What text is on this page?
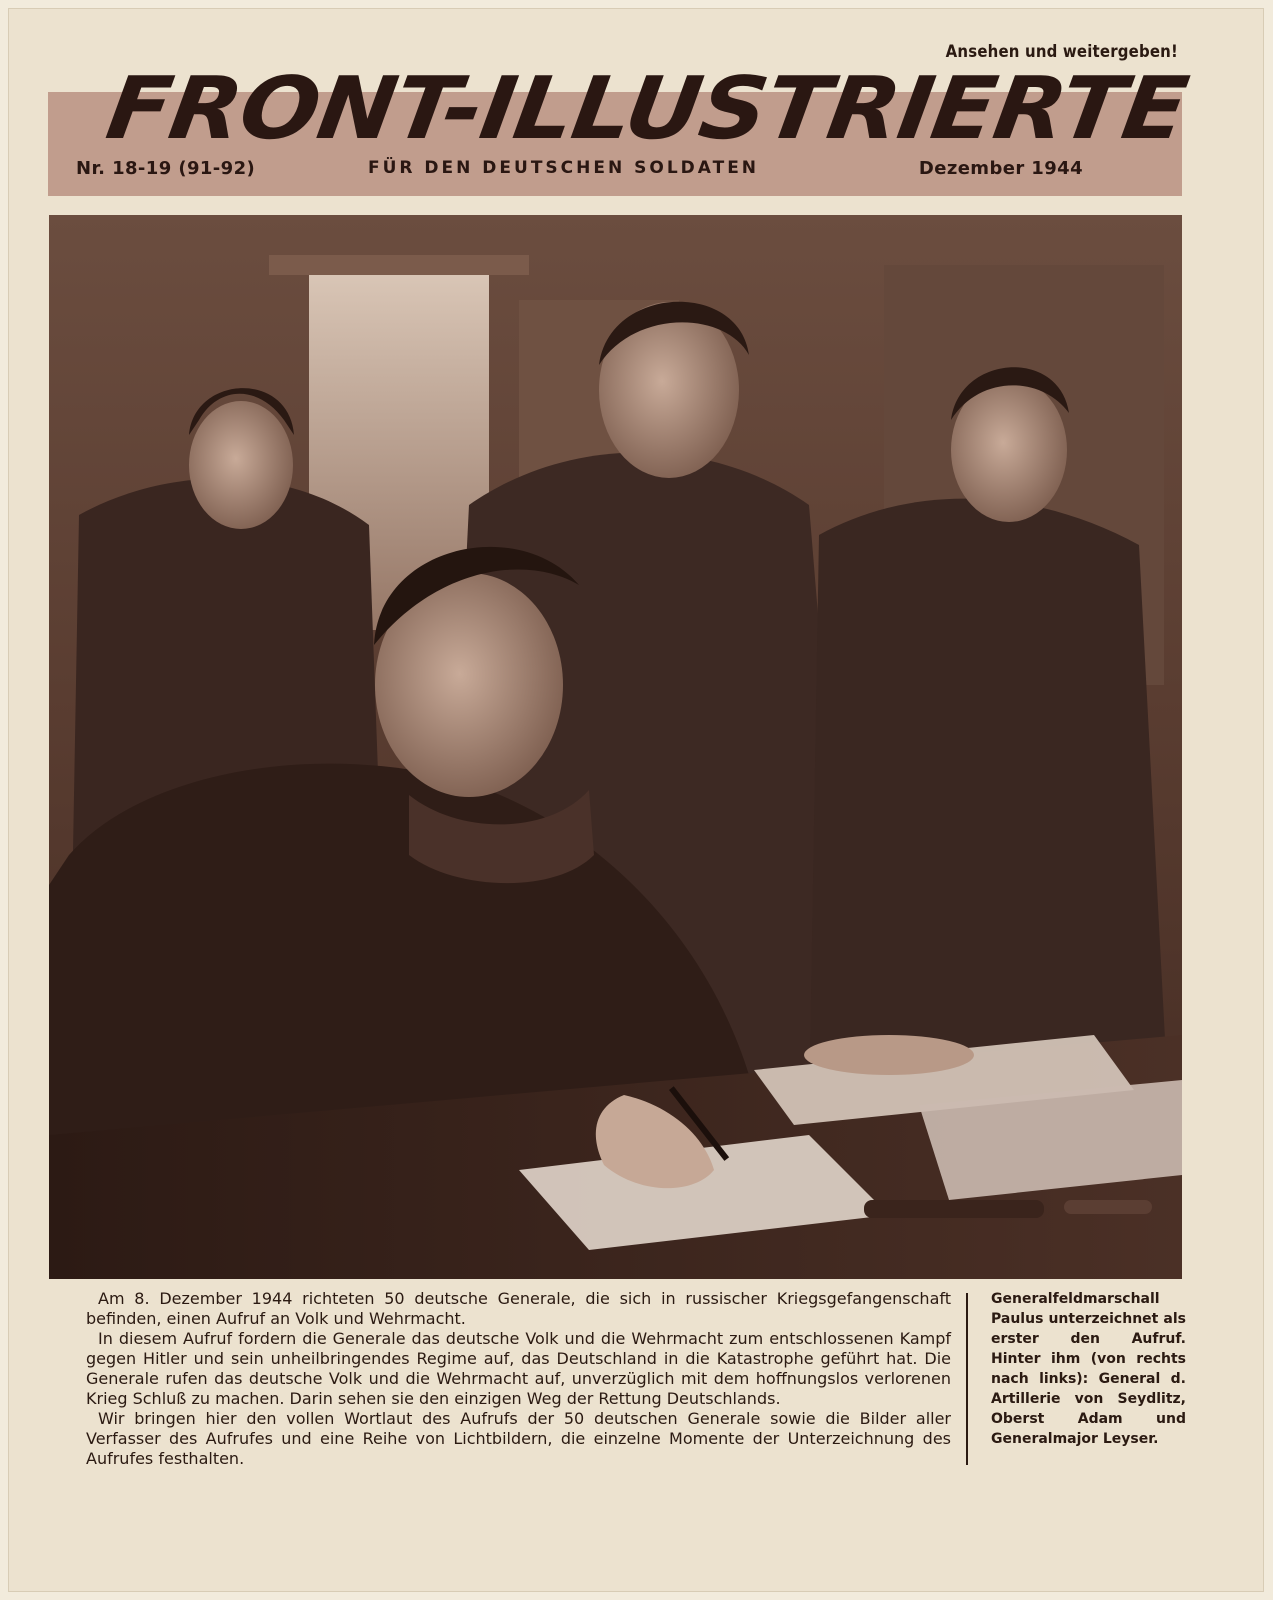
Ansehen und weitergeben!
FRONT-ILLUSTRIERTE
Nr. 18-19 (91-92)	FÜR DEN DEUTSCHEN SOLDATEN	Dezember 1944

Am 8. Dezember 1944 richteten 50 deutsche Generale, die sich in russischer Kriegsgefangenschaft befinden, einen Aufruf an Volk und Wehrmacht.

In diesem Aufruf fordern die Generale das deutsche Volk und die Wehrmacht zum entschlossenen Kampf gegen Hitler und sein unheilbringendes Regime auf, das Deutschland in die Katastrophe geführt hat. Die Generale rufen das deutsche Volk und die Wehrmacht auf, unverzüglich mit dem hoffnungslos verlorenen Krieg Schluß zu machen. Darin sehen sie den einzigen Weg der Rettung Deutschlands.

Wir bringen hier den vollen Wortlaut des Aufrufs der 50 deutschen Generale sowie die Bilder aller Verfasser des Aufrufes und eine Reihe von Lichtbildern, die einzelne Momente der Unterzeichnung des Aufrufes festhalten.

Generalfeldmarschall Paulus unterzeichnet als erster den Aufruf. Hinter ihm (von rechts nach links): General d. Artillerie von Seydlitz, Oberst Adam und Generalmajor Leyser.
